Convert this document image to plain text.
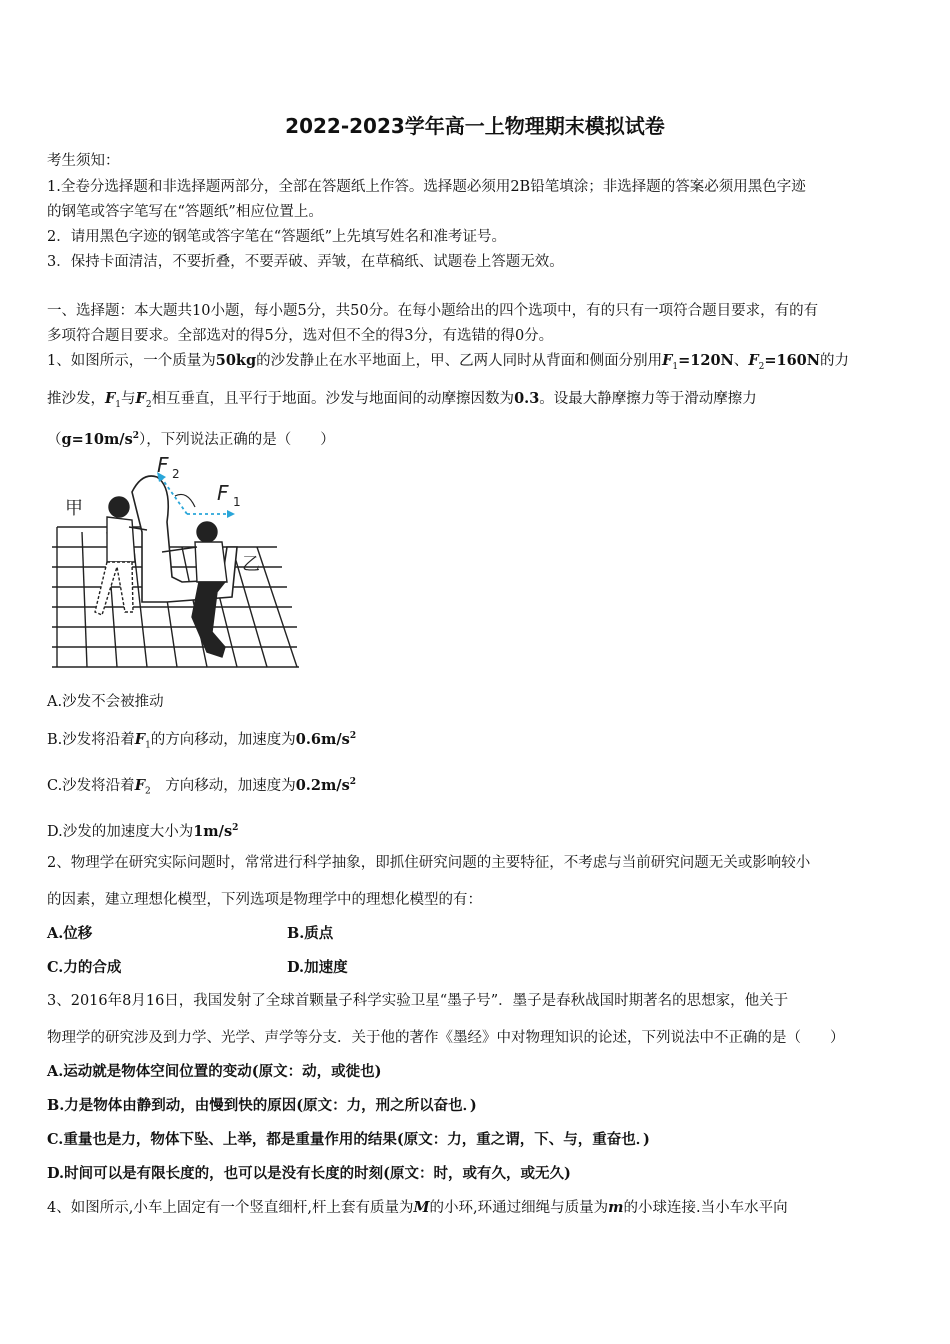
2022-2023学年高一上物理期末模拟试卷
考生须知：
1.全卷分选择题和非选择题两部分，全部在答题纸上作答。选择题必须用2B铅笔填涂；非选择题的答案必须用黑色字迹
的钢笔或答字笔写在“答题纸”相应位置上。
2．请用黑色字迹的钢笔或答字笔在“答题纸”上先填写姓名和准考证号。
3．保持卡面清洁，不要折叠，不要弄破、弄皱，在草稿纸、试题卷上答题无效。
一、选择题：本大题共10小题，每小题5分，共50分。在每小题给出的四个选项中，有的只有一项符合题目要求，有的有
多项符合题目要求。全部选对的得5分，选对但不全的得3分，有选错的得0分。
1、如图所示，一个质量为50kg的沙发静止在水平地面上，甲、乙两人同时从背面和侧面分别用$F_1=120N$、$F_2=160N$的力
推沙发，$F_1$与$F_2$相互垂直，且平行于地面。沙发与地面间的动摩擦因数为0.3。设最大静摩擦力等于滑动摩擦力
$(g=10m/s^2)$，下列说法正确的是（　　）
甲
乙
F 1
F 2
A.沙发不会被推动
B.沙发将沿着$F_1$的方向移动，加速度为$0.6m/s^2$
C.沙发将沿着$F_2$　方向移动，加速度为$0.2m/s^2$
D.沙发的加速度大小为$1m/s^2$
2、物理学在研究实际问题时，常常进行科学抽象，即抓住研究问题的主要特征，不考虑与当前研究问题无关或影响较小
的因素，建立理想化模型，下列选项是物理学中的理想化模型的有：
A.位移	B.质点
C.力的合成	D.加速度
3、2016年8月16日，我国发射了全球首颗量子科学实验卫星“墨子号”．墨子是春秋战国时期著名的思想家，他关于
物理学的研究涉及到力学、光学、声学等分支．关于他的著作《墨经》中对物理知识的论述，下列说法中不正确的是（　　）
A.运动就是物体空间位置的变动(原文：动，或徙也)
B.力是物体由静到动，由慢到快的原因(原文：力，刑之所以奋也．)
C.重量也是力，物体下坠、上举，都是重量作用的结果(原文：力，重之谓，下、与，重奋也．)
D.时间可以是有限长度的，也可以是没有长度的时刻(原文：时，或有久，或无久)
4、如图所示,小车上固定有一个竖直细杆,杆上套有质量为M的小环,环通过细绳与质量为m的小球连接.当小车水平向
